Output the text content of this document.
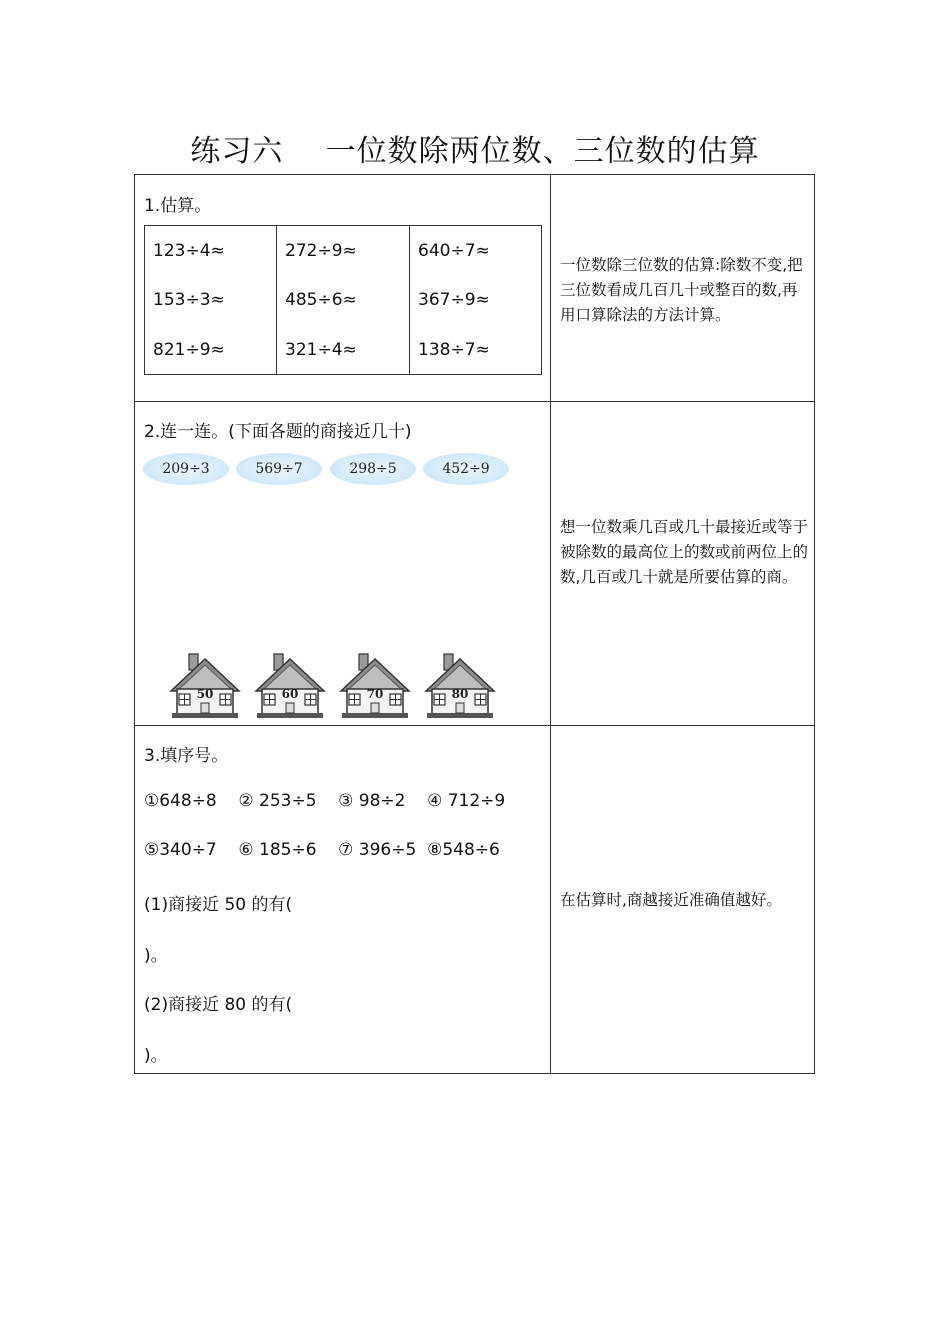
练习六    一位数除两位数、三位数的估算
1.估算。
123÷4≈	272÷9≈	640÷7≈
153÷3≈	485÷6≈	367÷9≈
821÷9≈	321÷4≈	138÷7≈
一位数除三位数的估算:除数不变,把三位数看成几百几十或整百的数,再用口算除法的方法计算。
2.连一连。(下面各题的商接近几十)
209÷3	569÷7	298÷5	452÷9
50	60	70	80
想一位数乘几百或几十最接近或等于被除数的最高位上的数或前两位上的数,几百或几十就是所要估算的商。
3.填序号。
①648÷8    ② 253÷5    ③ 98÷2    ④ 712÷9
⑤340÷7    ⑥ 185÷6    ⑦ 396÷5  ⑧548÷6
(1)商接近 50 的有(
)。
(2)商接近 80 的有(
)。
在估算时,商越接近准确值越好。
